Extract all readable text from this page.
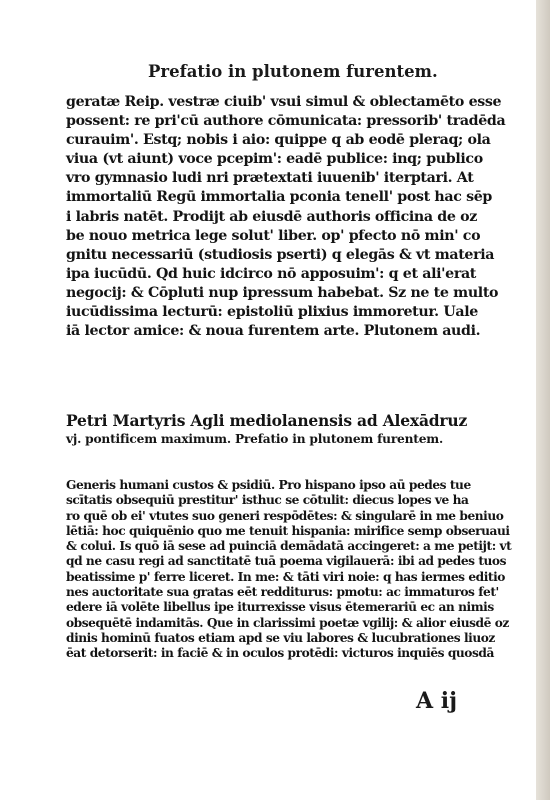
Prefatio in plutonem furentem.
geratæ Reip. vestræ ciuib' vsui simul & oblectamēto esse
possent: re pri'cū authore cōmunicata: pressorib' tradēda
curauim'. Estq; nobis i aio: quippe q ab eodē pleraq; ola
viua (vt aiunt) voce pcepim': eadē publice: inq; publico
vro gymnasio ludi nri prætextati iuuenib' iterptari. At
immortaliū Regū immortalia pconia tenell' post hac sēp
i labris natēt. Prodijt ab eiusdē authoris officina de oz
be nouo metrica lege solut' liber. op' pfecto nō min' co
gnitu necessariū (studiosis pserti) q elegās & vt materia
ipa iucūdū. Qd huic idcirco nō apposuim': q et ali'erat
negocij: & Cōpluti nup ipressum habebat. Sz ne te multo
iucūdissima lecturū: epistoliū plixius immoretur. Uale
iā lector amice: & noua furentem arte. Plutonem audi.
Petri Martyris Agli mediolanensis ad Alexādruz
vj. pontificem maximum. Prefatio in plutonem furentem.
Generis humani custos & psidiū. Pro hispano ipso aū pedes tue
scītatis obsequiū prestitur' isthuc se cōtulit: diecus lopes ve ha
ro quē ob ei' vtutes suo generi respōdētes: & singularē in me beniuo
lētiā: hoc quiquēnio quo me tenuit hispania: mirifice semp obseruaui
& colui. Is quō iā sese ad puinciā demādatā accingeret: a me petijt: vt
qd ne casu regi ad sanctitatē tuā poema vigilauerā: ibi ad pedes tuos
beatissime p' ferre liceret. In me: & tāti viri noie: q has iermes editio
nes auctoritate sua gratas eēt redditurus: pmotu: ac immaturos fet'
edere iā volēte libellus ipe iturrexisse visus ētemerariū ec an nimis
obsequētē indamitās. Que in clarissimi poetæ vgilij: & alior eiusdē oz
dinis hominū fuatos etiam apd se viu labores & lucubrationes liuoz
ēat detorserit: in faciē & in oculos protēdi: victuros inquiēs quosdā
A ij
